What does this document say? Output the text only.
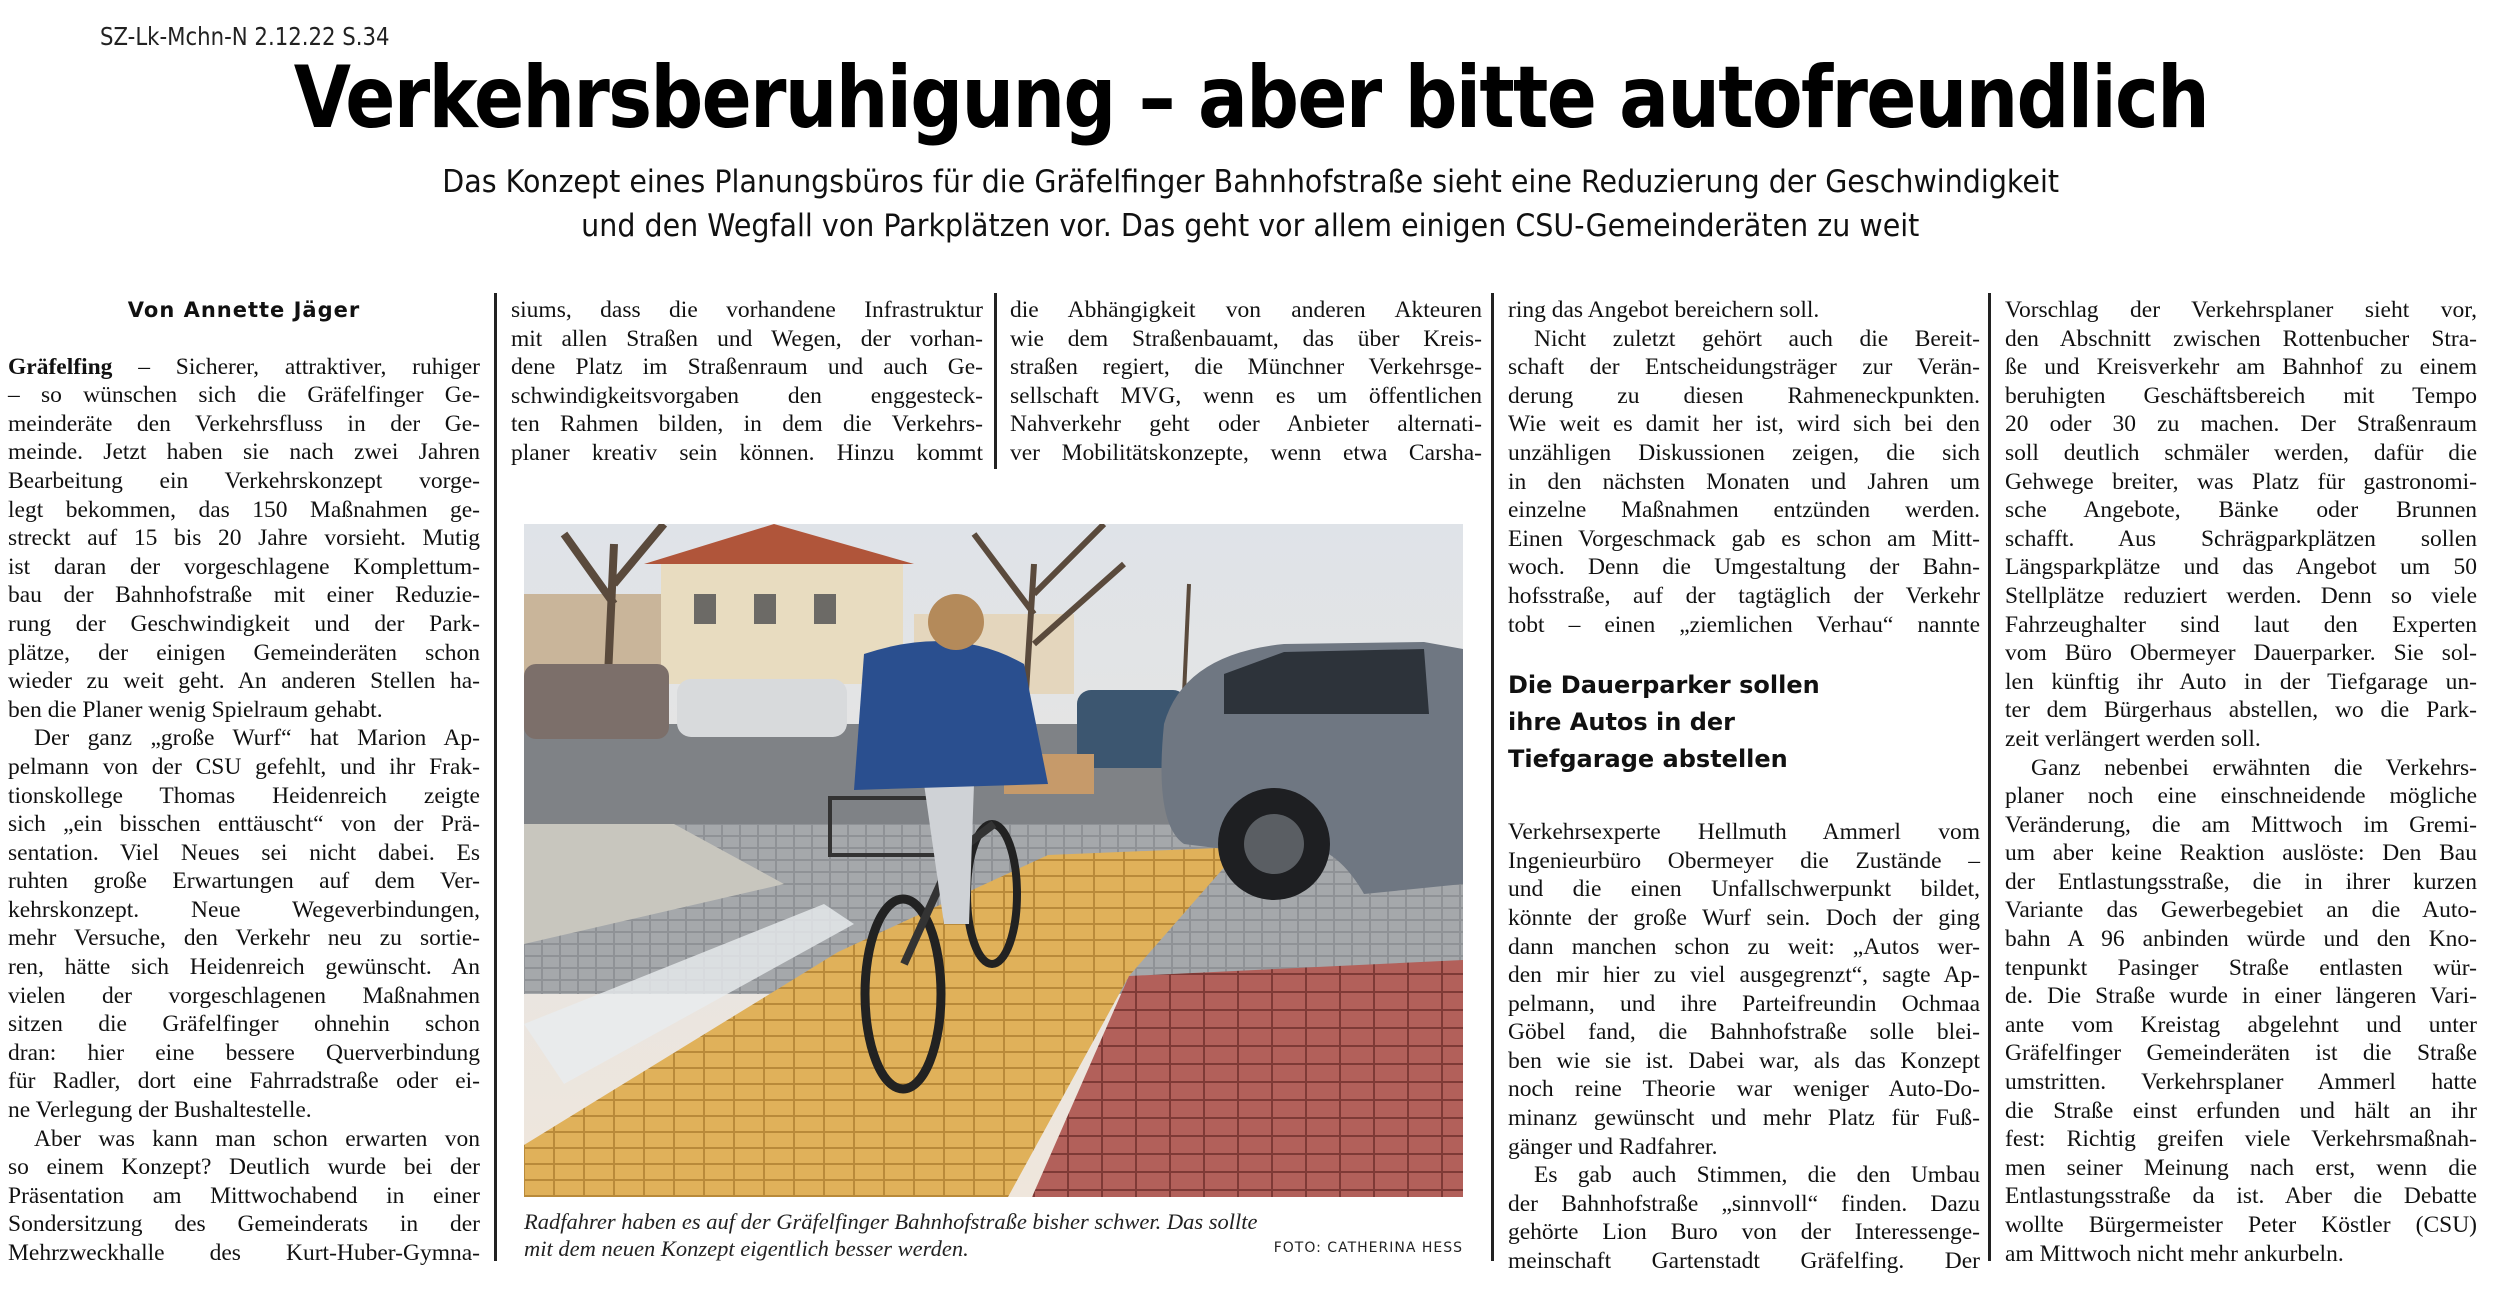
SZ-Lk-Mchn-N 2.12.22 S.34
Verkehrsberuhigung – aber bitte autofreundlich
Das Konzept eines Planungsbüros für die Gräfelfinger Bahnhofstraße sieht eine Reduzierung der Geschwindigkeit
und den Wegfall von Parkplätzen vor. Das geht vor allem einigen CSU-Gemeinderäten zu weit
Von Annette Jäger
Gräfelfing – Sicherer, attraktiver, ruhiger
– so wünschen sich die Gräfelfinger Ge-
meinderäte den Verkehrsfluss in der Ge-
meinde. Jetzt haben sie nach zwei Jahren
Bearbeitung ein Verkehrskonzept vorge-
legt bekommen, das 150 Maßnahmen ge-
streckt auf 15 bis 20 Jahre vorsieht. Mutig
ist daran der vorgeschlagene Komplettum-
bau der Bahnhofstraße mit einer Reduzie-
rung der Geschwindigkeit und der Park-
plätze, der einigen Gemeinderäten schon
wieder zu weit geht. An anderen Stellen ha-
ben die Planer wenig Spielraum gehabt.
Der ganz „große Wurf“ hat Marion Ap-
pelmann von der CSU gefehlt, und ihr Frak-
tionskollege Thomas Heidenreich zeigte
sich „ein bisschen enttäuscht“ von der Prä-
sentation. Viel Neues sei nicht dabei. Es
ruhten große Erwartungen auf dem Ver-
kehrskonzept. Neue Wegeverbindungen,
mehr Versuche, den Verkehr neu zu sortie-
ren, hätte sich Heidenreich gewünscht. An
vielen der vorgeschlagenen Maßnahmen
sitzen die Gräfelfinger ohnehin schon
dran: hier eine bessere Querverbindung
für Radler, dort eine Fahrradstraße oder ei-
ne Verlegung der Bushaltestelle.
Aber was kann man schon erwarten von
so einem Konzept? Deutlich wurde bei der
Präsentation am Mittwochabend in einer
Sondersitzung des Gemeinderats in der
Mehrzweckhalle des Kurt-Huber-Gymna-
siums, dass die vorhandene Infrastruktur
mit allen Straßen und Wegen, der vorhan-
dene Platz im Straßenraum und auch Ge-
schwindigkeitsvorgaben den enggesteck-
ten Rahmen bilden, in dem die Verkehrs-
planer kreativ sein können. Hinzu kommt
die Abhängigkeit von anderen Akteuren
wie dem Straßenbauamt, das über Kreis-
straßen regiert, die Münchner Verkehrsge-
sellschaft MVG, wenn es um öffentlichen
Nahverkehr geht oder Anbieter alternati-
ver Mobilitätskonzepte, wenn etwa Carsha-
ring das Angebot bereichern soll.
Nicht zuletzt gehört auch die Bereit-
schaft der Entscheidungsträger zur Verän-
derung zu diesen Rahmeneckpunkten.
Wie weit es damit her ist, wird sich bei den
unzähligen Diskussionen zeigen, die sich
in den nächsten Monaten und Jahren um
einzelne Maßnahmen entzünden werden.
Einen Vorgeschmack gab es schon am Mitt-
woch. Denn die Umgestaltung der Bahn-
hofsstraße, auf der tagtäglich der Verkehr
tobt – einen „ziemlichen Verhau“ nannte
Die Dauerparker sollen
ihre Autos in der
Tiefgarage abstellen
Verkehrsexperte Hellmuth Ammerl vom
Ingenieurbüro Obermeyer die Zustände –
und die einen Unfallschwerpunkt bildet,
könnte der große Wurf sein. Doch der ging
dann manchen schon zu weit: „Autos wer-
den mir hier zu viel ausgegrenzt“, sagte Ap-
pelmann, und ihre Parteifreundin Ochmaa
Göbel fand, die Bahnhofstraße solle blei-
ben wie sie ist. Dabei war, als das Konzept
noch reine Theorie war weniger Auto-Do-
minanz gewünscht und mehr Platz für Fuß-
gänger und Radfahrer.
Es gab auch Stimmen, die den Umbau
der Bahnhofstraße „sinnvoll“ finden. Dazu
gehörte Lion Buro von der Interessenge-
meinschaft Gartenstadt Gräfelfing. Der
Vorschlag der Verkehrsplaner sieht vor,
den Abschnitt zwischen Rottenbucher Stra-
ße und Kreisverkehr am Bahnhof zu einem
beruhigten Geschäftsbereich mit Tempo
20 oder 30 zu machen. Der Straßenraum
soll deutlich schmäler werden, dafür die
Gehwege breiter, was Platz für gastronomi-
sche Angebote, Bänke oder Brunnen
schafft. Aus Schrägparkplätzen sollen
Längsparkplätze und das Angebot um 50
Stellplätze reduziert werden. Denn so viele
Fahrzeughalter sind laut den Experten
vom Büro Obermeyer Dauerparker. Sie sol-
len künftig ihr Auto in der Tiefgarage un-
ter dem Bürgerhaus abstellen, wo die Park-
zeit verlängert werden soll.
Ganz nebenbei erwähnten die Verkehrs-
planer noch eine einschneidende mögliche
Veränderung, die am Mittwoch im Gremi-
um aber keine Reaktion auslöste: Den Bau
der Entlastungsstraße, die in ihrer kurzen
Variante das Gewerbegebiet an die Auto-
bahn A 96 anbinden würde und den Kno-
tenpunkt Pasinger Straße entlasten wür-
de. Die Straße wurde in einer längeren Vari-
ante vom Kreistag abgelehnt und unter
Gräfelfinger Gemeinderäten ist die Straße
umstritten. Verkehrsplaner Ammerl hatte
die Straße einst erfunden und hält an ihr
fest: Richtig greifen viele Verkehrsmaßnah-
men seiner Meinung nach erst, wenn die
Entlastungsstraße da ist. Aber die Debatte
wollte Bürgermeister Peter Köstler (CSU)
am Mittwoch nicht mehr ankurbeln.
Radfahrer haben es auf der Gräfelfinger Bahnhofstraße bisher schwer. Das sollte
mit dem neuen Konzept eigentlich besser werden.	FOTO: CATHERINA HESS
